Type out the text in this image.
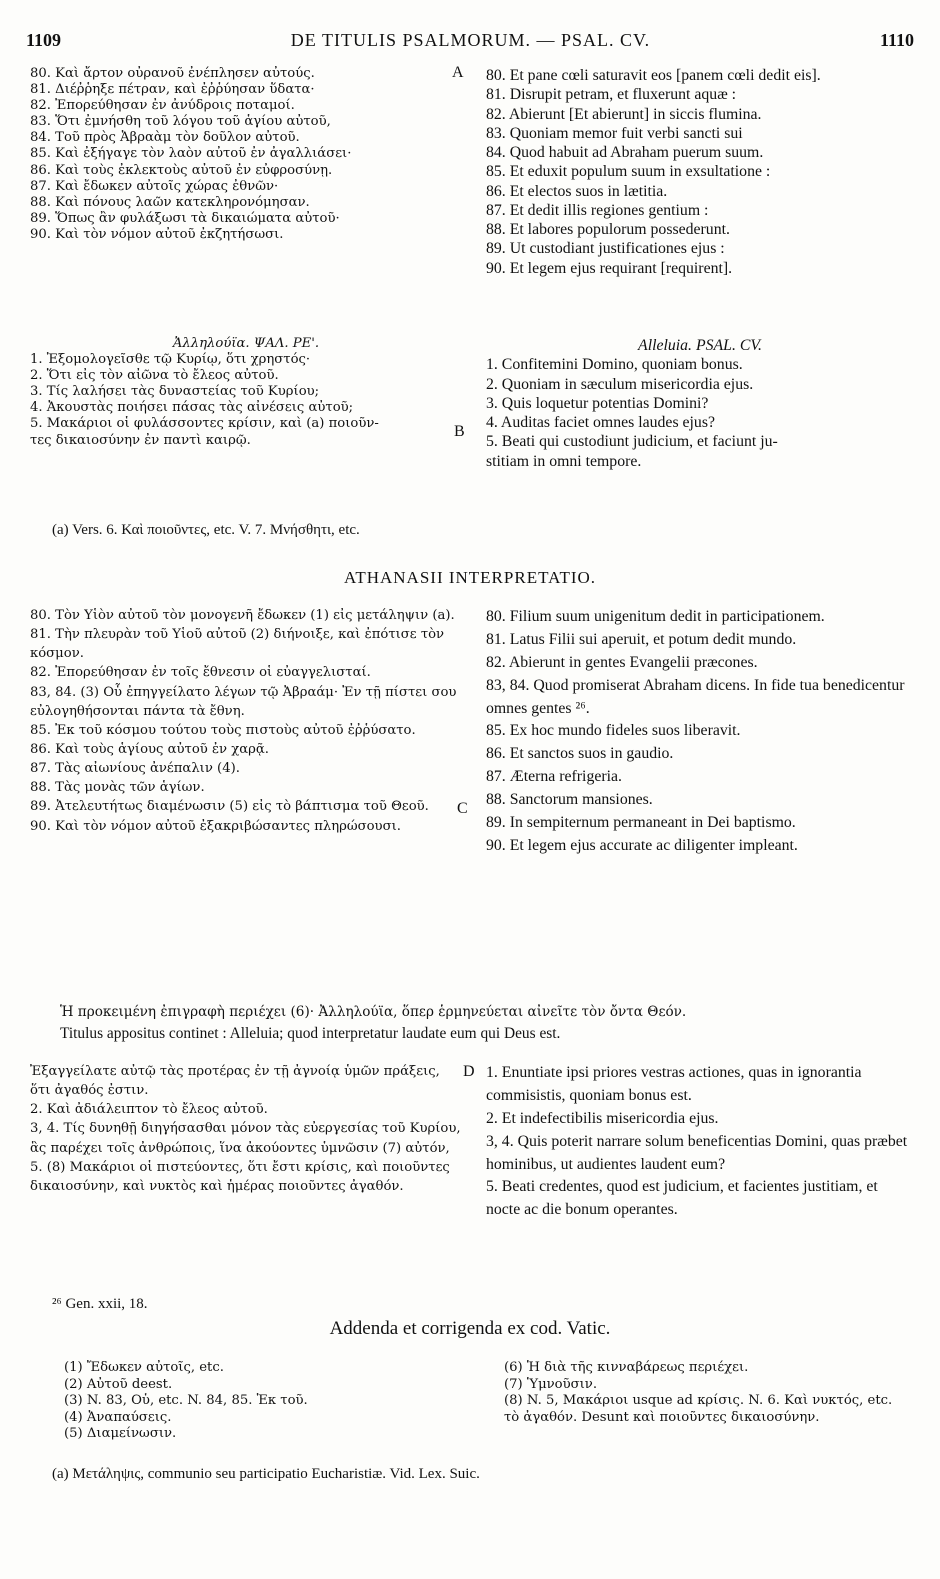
1109	DE TITULIS PSALMORUM. — PSAL. CV.	1110
A
B
C
D
80. Καὶ ἄρτον οὐρανοῦ ἐνέπλησεν αὐτούς.
81. Διέῤῥηξε πέτραν, καὶ ἐῤῥύησαν ὕδατα·
82. Ἐπορεύθησαν ἐν ἀνύδροις ποταμοί.
83. Ὅτι ἐμνήσθη τοῦ λόγου τοῦ ἁγίου αὐτοῦ,
84. Τοῦ πρὸς Ἀβραὰμ τὸν δοῦλον αὐτοῦ.
85. Καὶ ἐξήγαγε τὸν λαὸν αὐτοῦ ἐν ἀγαλλιάσει·
86. Καὶ τοὺς ἐκλεκτοὺς αὐτοῦ ἐν εὐφροσύνῃ.
87. Καὶ ἔδωκεν αὐτοῖς χώρας ἐθνῶν·
88. Καὶ πόνους λαῶν κατεκληρονόμησαν.
89. Ὅπως ἂν φυλάξωσι τὰ δικαιώματα αὐτοῦ·
90. Καὶ τὸν νόμον αὐτοῦ ἐκζητήσωσι.
80. Et pane cœli saturavit eos [panem cœli dedit eis].
81. Disrupit petram, et fluxerunt aquæ :
82. Abierunt [Et abierunt] in siccis flumina.
83. Quoniam memor fuit verbi sancti sui
84. Quod habuit ad Abraham puerum suum.
85. Et eduxit populum suum in exsultatione :
86. Et electos suos in lætitia.
87. Et dedit illis regiones gentium :
88. Et labores populorum possederunt.
89. Ut custodiant justificationes ejus :
90. Et legem ejus requirant [requirent].
Ἀλληλούϊα. ΨΑΛ. ΡΕ'.
1. Ἐξομολογεῖσθε τῷ Κυρίῳ, ὅτι χρηστός·
2. Ὅτι εἰς τὸν αἰῶνα τὸ ἔλεος αὐτοῦ.
3. Τίς λαλήσει τὰς δυναστείας τοῦ Κυρίου;
4. Ἀκουστὰς ποιήσει πάσας τὰς αἰνέσεις αὐτοῦ;
5. Μακάριοι οἱ φυλάσσοντες κρίσιν, καὶ (a) ποιοῦν-
τες δικαιοσύνην ἐν παντὶ καιρῷ.
Alleluia. PSAL. CV.
1. Confitemini Domino, quoniam bonus.
2. Quoniam in sæculum misericordia ejus.
3. Quis loquetur potentias Domini?
4. Auditas faciet omnes laudes ejus?
5. Beati qui custodiunt judicium, et faciunt ju-
stitiam in omni tempore.
(a) Vers. 6. Καὶ ποιοῦντες, etc. V. 7. Μνήσθητι, etc.
ATHANASII INTERPRETATIO.
80. Τὸν Υἱὸν αὐτοῦ τὸν μονογενῆ ἔδωκεν (1) εἰς μετάληψιν (a).
81. Τὴν πλευρὰν τοῦ Υἱοῦ αὐτοῦ (2) διήνοιξε, καὶ ἐπότισε τὸν κόσμον.
82. Ἐπορεύθησαν ἐν τοῖς ἔθνεσιν οἱ εὐαγγελισταί.
83, 84. (3) Οὗ ἐπηγγείλατο λέγων τῷ Ἀβραάμ· Ἐν τῇ πίστει σου εὐλογηθήσονται πάντα τὰ ἔθνη.
85. Ἐκ τοῦ κόσμου τούτου τοὺς πιστοὺς αὐτοῦ ἐῤῥύσατο.
86. Καὶ τοὺς ἁγίους αὐτοῦ ἐν χαρᾷ.
87. Τὰς αἰωνίους ἀνέπαλιν (4).
88. Τὰς μονὰς τῶν ἁγίων.
89. Ἀτελευτήτως διαμένωσιν (5) εἰς τὸ βάπτισμα τοῦ Θεοῦ.
90. Καὶ τὸν νόμον αὐτοῦ ἐξακριβώσαντες πληρώσουσι.
80. Filium suum unigenitum dedit in participationem.
81. Latus Filii sui aperuit, et potum dedit mundo.
82. Abierunt in gentes Evangelii præcones.
83, 84. Quod promiserat Abraham dicens. In fide tua benedicentur omnes gentes ²⁶.
85. Ex hoc mundo fideles suos liberavit.
86. Et sanctos suos in gaudio.
87. Æterna refrigeria.
88. Sanctorum mansiones.
89. In sempiternum permaneant in Dei baptismo.
90. Et legem ejus accurate ac diligenter impleant.
Ἡ προκειμένη ἐπιγραφὴ περιέχει (6)· Ἀλληλούϊα, ὅπερ ἑρμηνεύεται αἰνεῖτε τὸν ὄντα Θεόν.
Titulus appositus continet : Alleluia; quod interpretatur laudate eum qui Deus est.
Ἐξαγγείλατε αὐτῷ τὰς προτέρας ἐν τῇ ἀγνοίᾳ ὑμῶν πράξεις, ὅτι ἀγαθός ἐστιν.
2. Καὶ ἀδιάλειπτον τὸ ἔλεος αὐτοῦ.
3, 4. Τίς δυνηθῇ διηγήσασθαι μόνον τὰς εὐεργεσίας τοῦ Κυρίου, ἃς παρέχει τοῖς ἀνθρώποις, ἵνα ἀκούοντες ὑμνῶσιν (7) αὐτόν,
5. (8) Μακάριοι οἱ πιστεύοντες, ὅτι ἔστι κρίσις, καὶ ποιοῦντες δικαιοσύνην, καὶ νυκτὸς καὶ ἡμέρας ποιοῦντες ἀγαθόν.
1. Enuntiate ipsi priores vestras actiones, quas in ignorantia commisistis, quoniam bonus est.
2. Et indefectibilis misericordia ejus.
3, 4. Quis poterit narrare solum beneficentias Domini, quas præbet hominibus, ut audientes laudent eum?
5. Beati credentes, quod est judicium, et facientes justitiam, et nocte ac die bonum operantes.
²⁶ Gen. xxii, 18.
Addenda et corrigenda ex cod. Vatic.
(1) Ἔδωκεν αὐτοῖς, etc.
(2) Αὐτοῦ deest.
(3) N. 83, Οὗ, etc. N. 84, 85. Ἐκ τοῦ.
(4) Ἀναπαύσεις.
(5) Διαμείνωσιν.
(6) Ἡ διὰ τῆς κινναβάρεως περιέχει.
(7) Ὑμνοῦσιν.
(8) N. 5, Μακάριοι usque ad κρίσις. N. 6. Καὶ νυκτός, etc. τὸ ἀγαθόν. Desunt καὶ ποιοῦντες δικαιοσύνην.
(a) Μετάληψις, communio seu participatio Eucharistiæ. Vid. Lex. Suic.
